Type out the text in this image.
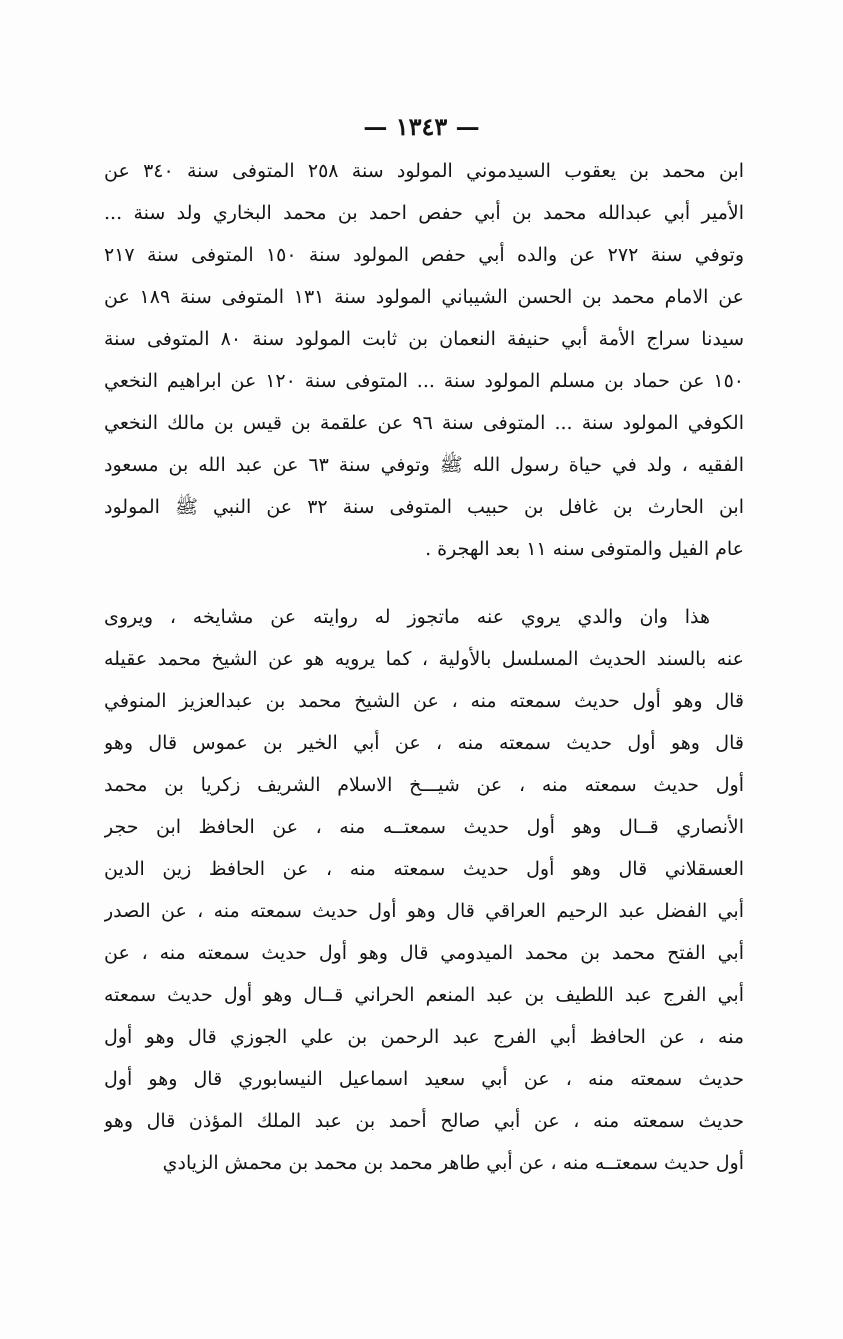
— ١٣٤٣ —
ابن محمد بن يعقوب السيدموني المولود سنة ٢٥٨ المتوفى سنة ٣٤٠ عن
الأمير أبي عبدالله محمد بن أبي حفص احمد بن محمد البخاري ولد سنة ...
وتوفي سنة ٢٧٢ عن والده أبي حفص المولود سنة ١٥٠ المتوفى سنة ٢١٧
عن الامام محمد بن الحسن الشيباني المولود سنة ١٣١ المتوفى سنة ١٨٩ عن
سيدنا سراج الأمة أبي حنيفة النعمان بن ثابت المولود سنة ٨٠ المتوفى سنة
١٥٠ عن حماد بن مسلم المولود سنة ... المتوفى سنة ١٢٠ عن ابراهيم النخعي
الكوفي المولود سنة ... المتوفى سنة ٩٦ عن علقمة بن قيس بن مالك النخعي
الفقيه ، ولد في حياة رسول الله ﷺ وتوفي سنة ٦٣ عن عبد الله بن مسعود
ابن الحارث بن غافل بن حبيب المتوفى سنة ٣٢ عن النبي ﷺ المولود
عام الفيل والمتوفى سنه ١١ بعد الهجرة .
هذا وان والدي يروي عنه ماتجوز له روايته عن مشايخه ، ويروى
عنه بالسند الحديث المسلسل بالأولية ، كما يرويه هو عن الشيخ محمد عقيله
قال وهو أول حديث سمعته منه ، عن الشيخ محمد بن عبدالعزيز المنوفي
قال وهو أول حديث سمعته منه ، عن أبي الخير بن عموس قال وهو
أول حديث سمعته منه ، عن شيـــخ الاسلام الشريف زكريا بن محمد
الأنصاري قــال وهو أول حديث سمعتــه منه ، عن الحافظ ابن حجر
العسقلاني قال وهو أول حديث سمعته منه ، عن الحافظ زين الدين
أبي الفضل عبد الرحيم العراقي قال وهو أول حديث سمعته منه ، عن الصدر
أبي الفتح محمد بن محمد الميدومي قال وهو أول حديث سمعته منه ، عن
أبي الفرج عبد اللطيف بن عبد المنعم الحراني قــال وهو أول حديث سمعته
منه ، عن الحافظ أبي الفرج عبد الرحمن بن علي الجوزي قال وهو أول
حديث سمعته منه ، عن أبي سعيد اسماعيل النيسابوري قال وهو أول
حديث سمعته منه ، عن أبي صالح أحمد بن عبد الملك المؤذن قال وهو
أول حديث سمعتــه منه ، عن أبي طاهر محمد بن محمد بن محمش الزيادي
